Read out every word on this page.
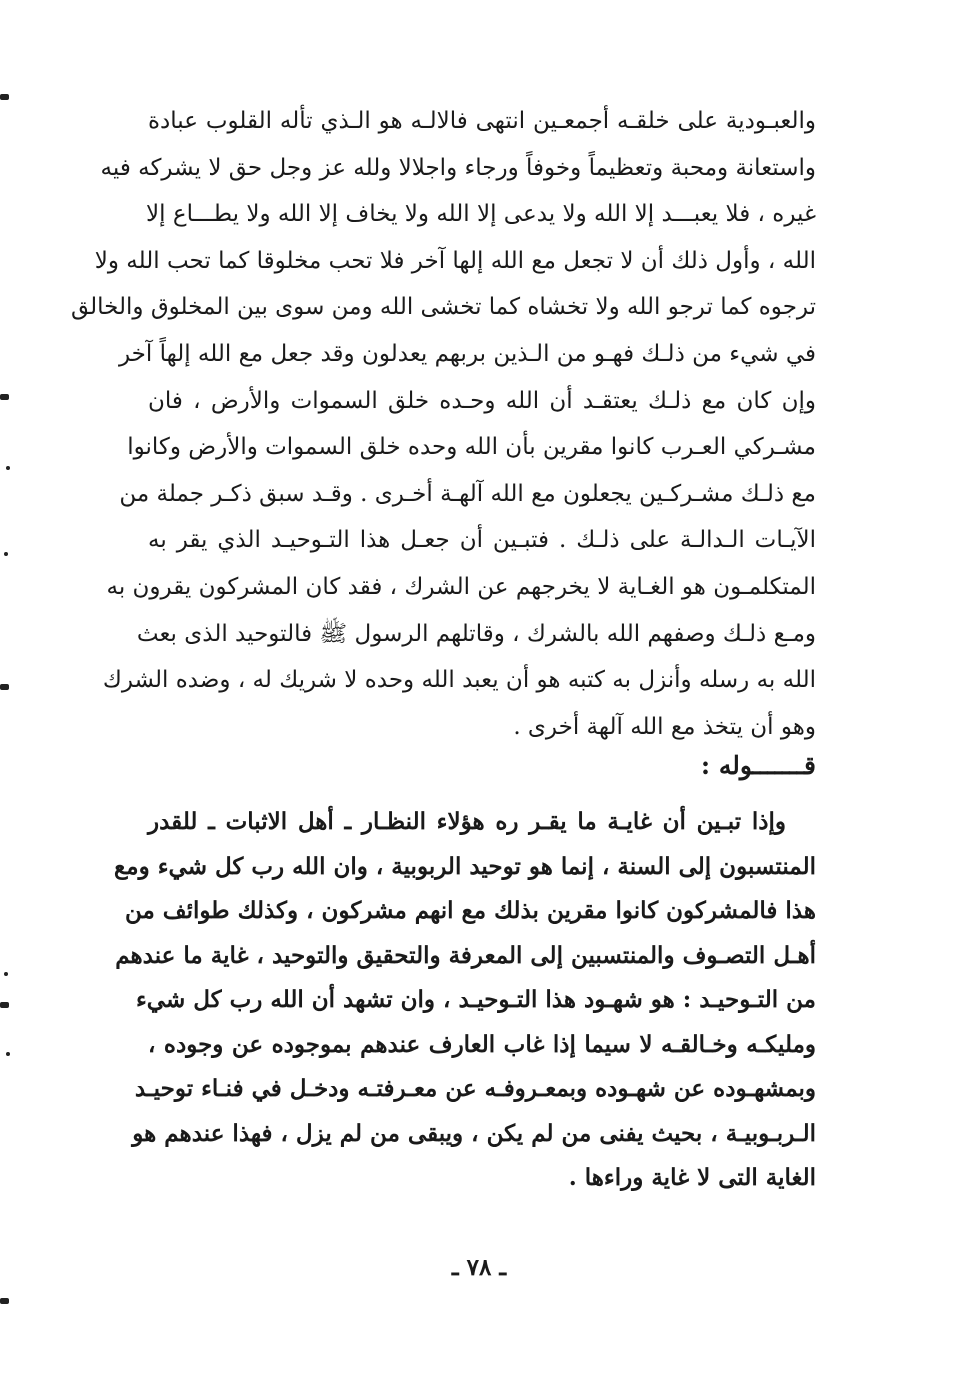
والعبـودية على خلقـه أجمعـين انتهى فالالـه هو الـذي تأله القلوب عبادة
واستعانة ومحبة وتعظيماً وخوفاً ورجاء واجلالا ولله عز وجل حق لا يشركه فيه
غيره ، فلا يعبـــد إلا الله ولا يدعى إلا الله ولا يخاف إلا الله ولا يطـــاع إلا
الله ، وأول ذلك أن لا تجعل مع الله إلها آخر فلا تحب مخلوقا كما تحب الله ولا
ترجوه كما ترجو الله ولا تخشاه كما تخشى الله ومن سوى بين المخلوق والخالق
في شيء من ذلـك فهـو من الـذين بربهم يعدلون وقد جعل مع الله إلهاً آخر
وإن كان مع ذلـك يعتقـد أن الله وحـده خلق السموات والأرض ، فان
مشـركي العـرب كانوا مقرين بأن الله وحده خلق السموات والأرض وكانوا
مع ذلـك مشـركـين يجعلون مع الله آلهـة أخـرى . وقـد سبق ذكـر جملة من
الآيـات الـدالـة على ذلـك . فتبـين أن جعـل هذا التـوحيـد الذي يقر به
المتكلمـون هو الغـاية لا يخرجهم عن الشرك ، فقد كان المشركون يقرون به
ومـع ذلـك وصفهم الله بالشرك ، وقاتلهم الرسول ﷺ فالتوحيد الذى بعث
الله به رسله وأنزل به كتبه هو أن يعبد الله وحده لا شريك له ، وضده الشرك
وهو أن يتخذ مع الله آلهة أخرى .
قـــــــوله :
وإذا تبـين أن غايـة ما يقـر ره هؤلاء النظـار ـ أهل الاثبات ـ للقدر
المنتسبون إلى السنة ، إنما هو توحيد الربوبية ، وان الله رب كل شيء ومع
هذا فالمشركون كانوا مقرين بذلك مع انهم مشركون ، وكذلك طوائف من
أهـل التصـوف والمنتسبين إلى المعرفة والتحقيق والتوحيد ، غاية ما عندهم
من التـوحيـد : هو شهـود هذا التـوحيـد ، وان تشهد أن الله رب كل شيء
ومليكـه وخـالقـه لا سيما إذا غاب العارف عندهم بموجوده عن وجوده ،
وبمشهـوده عن شهـوده وبمعـروفـه عن معـرفتـه ودخـل في فنـاء توحيـد
الـربـوبيـة ، بحيث يفنى من لم يكن ، ويبقى من لم يزل ، فهذا عندهم هو
الغاية التى لا غاية وراءها .
ـ ٧٨ ـ
